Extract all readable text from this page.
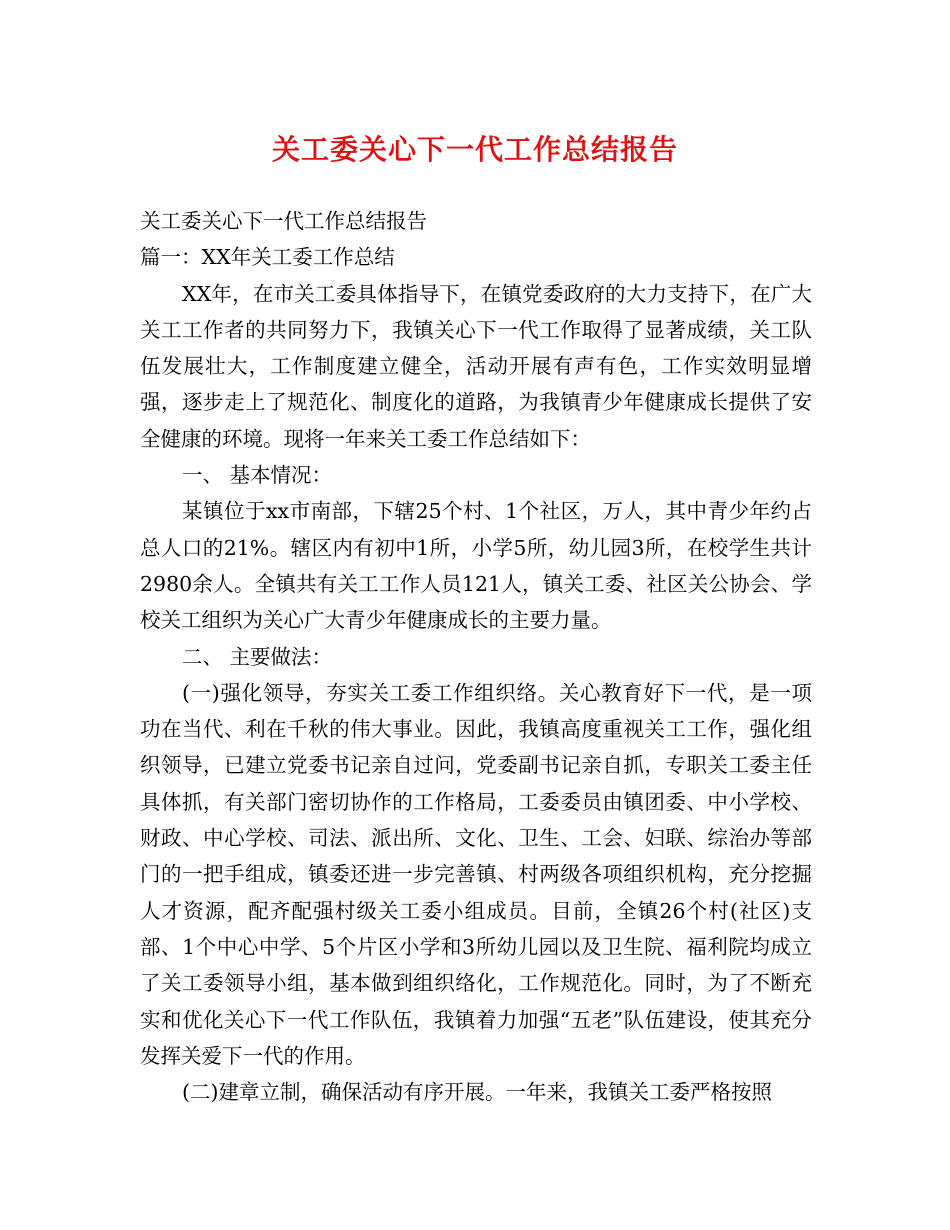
关工委关心下一代工作总结报告

关工委关心下一代工作总结报告

篇一：XX年关工委工作总结

XX年，在市关工委具体指导下，在镇党委政府的大力支持下，在广大关工工作者的共同努力下，我镇关心下一代工作取得了显著成绩，关工队伍发展壮大，工作制度建立健全，活动开展有声有色，工作实效明显增强，逐步走上了规范化、制度化的道路，为我镇青少年健康成长提供了安全健康的环境。现将一年来关工委工作总结如下：

一、 基本情况：

某镇位于xx市南部，下辖25个村、1个社区，万人，其中青少年约占总人口的21%。辖区内有初中1所，小学5所，幼儿园3所，在校学生共计2980余人。全镇共有关工工作人员121人，镇关工委、社区关公协会、学校关工组织为关心广大青少年健康成长的主要力量。

二、 主要做法：

(一)强化领导，夯实关工委工作组织络。关心教育好下一代，是一项功在当代、利在千秋的伟大事业。因此，我镇高度重视关工工作，强化组织领导，已建立党委书记亲自过问，党委副书记亲自抓，专职关工委主任具体抓，有关部门密切协作的工作格局，工委委员由镇团委、中小学校、财政、中心学校、司法、派出所、文化、卫生、工会、妇联、综治办等部门的一把手组成，镇委还进一步完善镇、村两级各项组织机构，充分挖掘人才资源，配齐配强村级关工委小组成员。目前，全镇26个村(社区)支部、1个中心中学、5个片区小学和3所幼儿园以及卫生院、福利院均成立了关工委领导小组，基本做到组织络化，工作规范化。同时，为了不断充实和优化关心下一代工作队伍，我镇着力加强“五老”队伍建设，使其充分发挥关爱下一代的作用。

(二)建章立制，确保活动有序开展。一年来，我镇关工委严格按照
